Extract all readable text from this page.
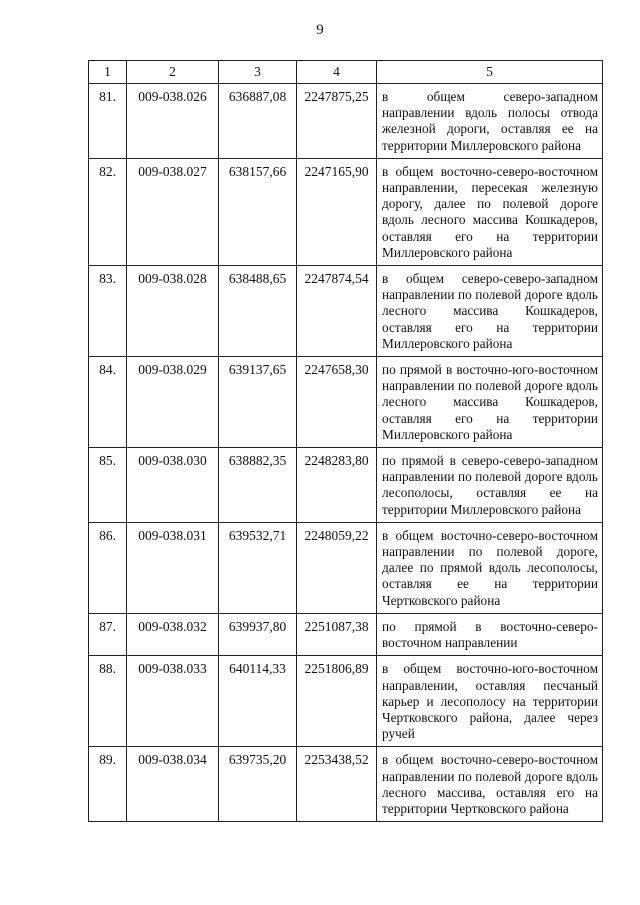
9
1	2	3	4	5
81.	009-038.026	636887,08	2247875,25	в общем северо-западном направлении вдоль полосы отвода железной дороги, оставляя ее на территории Миллеровского района
82.	009-038.027	638157,66	2247165,90	в общем восточно-северо-восточном направлении, пересекая железную дорогу, далее по полевой дороге вдоль лесного массива Кошкадеров, оставляя его на территории Миллеровского района
83.	009-038.028	638488,65	2247874,54	в общем северо-северо-западном направлении по полевой дороге вдоль лесного массива Кошкадеров, оставляя его на территории Миллеровского района
84.	009-038.029	639137,65	2247658,30	по прямой в восточно-юго-восточном направлении по полевой дороге вдоль лесного массива Кошкадеров, оставляя его на территории Миллеровского района
85.	009-038.030	638882,35	2248283,80	по прямой в северо-северо-западном направлении по полевой дороге вдоль лесополосы, оставляя ее на территории Миллеровского района
86.	009-038.031	639532,71	2248059,22	в общем восточно-северо-восточном направлении по полевой дороге, далее по прямой вдоль лесополосы, оставляя ее на территории Чертковского района
87.	009-038.032	639937,80	2251087,38	по прямой в восточно-северо-восточном направлении
88.	009-038.033	640114,33	2251806,89	в общем восточно-юго-восточном направлении, оставляя песчаный карьер и лесополосу на территории Чертковского района, далее через ручей
89.	009-038.034	639735,20	2253438,52	в общем восточно-северо-восточном направлении по полевой дороге вдоль лесного массива, оставляя его на территории Чертковского района
